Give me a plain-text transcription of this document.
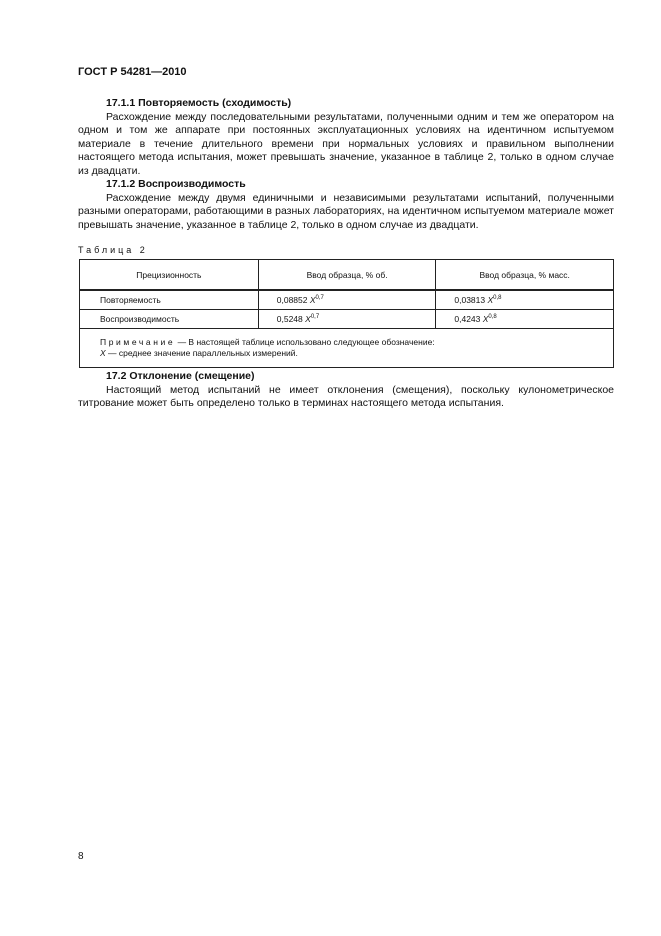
ГОСТ Р 54281—2010
17.1.1 Повторяемость (сходимость)
Расхождение между последовательными результатами, полученными одним и тем же оператором на одном и том же аппарате при постоянных эксплуатационных условиях на идентичном испытуемом материале в течение длительного времени при нормальных условиях и правильном выполнении настоящего метода испытания, может превышать значение, указанное в таблице 2, только в одном случае из двадцати.
17.1.2 Воспроизводимость
Расхождение между двумя единичными и независимыми результатами испытаний, полученными разными операторами, работающими в разных лабораториях, на идентичном испытуемом материале может превышать значение, указанное в таблице 2, только в одном случае из двадцати.
Таблица 2
Прецизионность	Ввод образца, % об.	Ввод образца, % масс.
Повторяемость	0,08852 X$^{0,7}$	0,03813 X$^{0,8}$
Воспроизводимость	0,5248 X$^{0,7}$	0,4243 X$^{0,8}$
Примечание — В настоящей таблице использовано следующее обозначение:
X — среднее значение параллельных измерений.		
17.2 Отклонение (смещение)
Настоящий метод испытаний не имеет отклонения (смещения), поскольку кулонометрическое титрование может быть определено только в терминах настоящего метода испытания.
8
